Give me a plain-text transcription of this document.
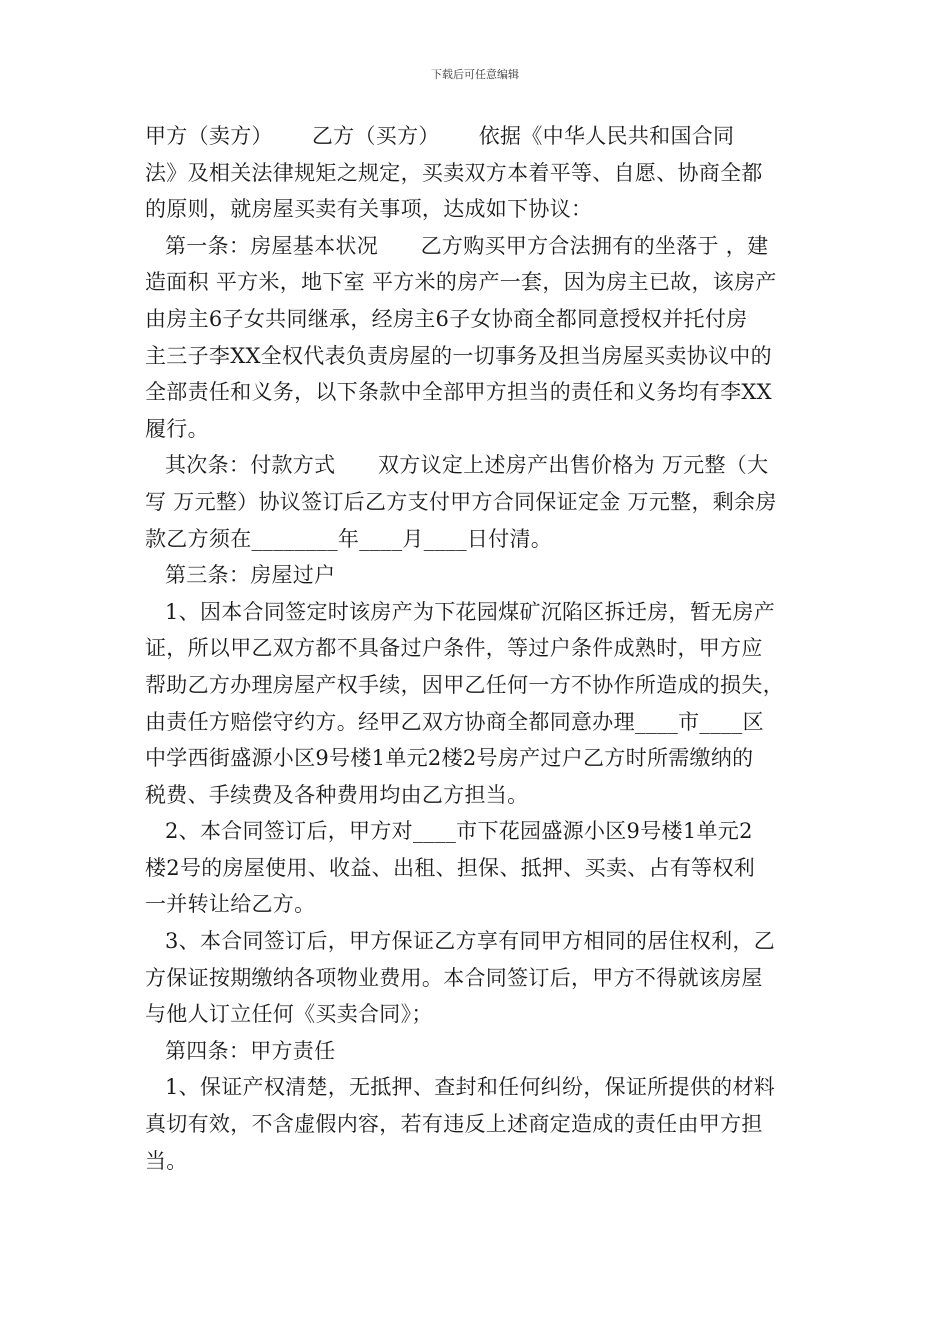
下载后可任意编辑

甲方（卖方）　　 乙方（买方）　　 依据《中华人民共和国合同
法》及相关法律规矩之规定，买卖双方本着平等、自愿、协商全都
的原则，就房屋买卖有关事项，达成如下协议：

第一条：房屋基本状况　　乙方购买甲方合法拥有的坐落于 ，建
造面积 平方米，地下室 平方米的房产一套，因为房主已故，该房产
由房主6子女共同继承，经房主6子女协商全都同意授权并托付房
主三子李XX全权代表负责房屋的一切事务及担当房屋买卖协议中的
全部责任和义务，以下条款中全部甲方担当的责任和义务均有李XX
履行。

其次条：付款方式　　双方议定上述房产出售价格为 万元整（大
写 万元整）协议签订后乙方支付甲方合同保证定金 万元整，剩余房
款乙方须在________年____月____日付清。

第三条：房屋过户

1、因本合同签定时该房产为下花园煤矿沉陷区拆迁房，暂无房产
证，所以甲乙双方都不具备过户条件，等过户条件成熟时，甲方应
帮助乙方办理房屋产权手续，因甲乙任何一方不协作所造成的损失，
由责任方赔偿守约方。经甲乙双方协商全都同意办理____市____区
中学西街盛源小区9号楼1单元2楼2号房产过户乙方时所需缴纳的
税费、手续费及各种费用均由乙方担当。

2、本合同签订后，甲方对____市下花园盛源小区9号楼1单元2
楼2号的房屋使用、收益、出租、担保、抵押、买卖、占有等权利
一并转让给乙方。

3、本合同签订后，甲方保证乙方享有同甲方相同的居住权利，乙
方保证按期缴纳各项物业费用。本合同签订后，甲方不得就该房屋
与他人订立任何《买卖合同》；

第四条：甲方责任

1、保证产权清楚，无抵押、查封和任何纠纷，保证所提供的材料
真切有效，不含虚假内容，若有违反上述商定造成的责任由甲方担
当。
